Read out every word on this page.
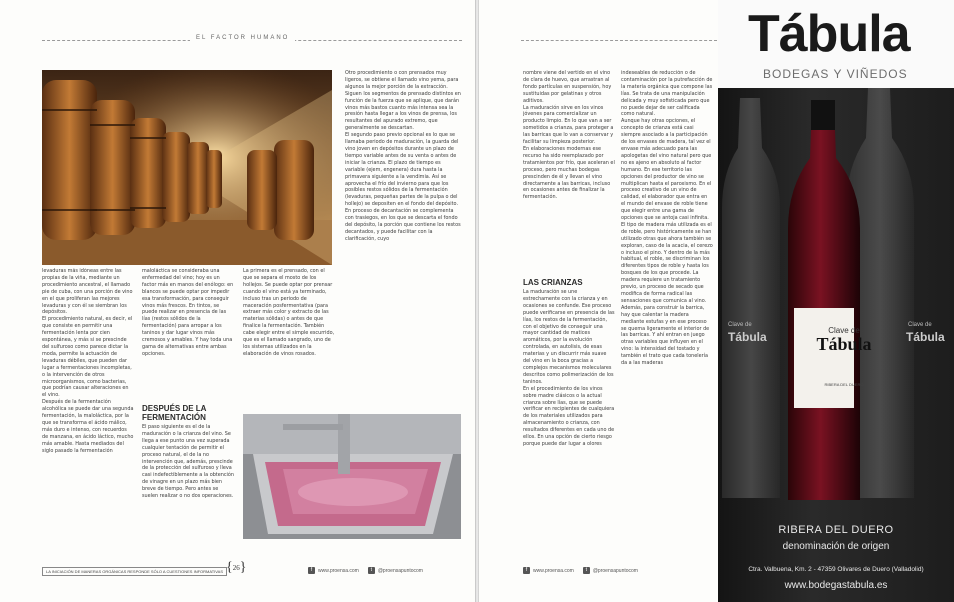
EL FACTOR HUMANO
levaduras más idóneas entre las propias de la viña, mediante un procedimiento ancestral, el llamado pie de cuba, con una porción de vino en el que proliferan las mejores levaduras y con él se siembran los depósitos.
El procedimiento natural, es decir, el que consiste en permitir una fermentación lenta por cien espontánea, y más si se prescinde del sulfuroso como parece dictar la moda, permite la actuación de levaduras débiles, que pueden dar lugar a fermentaciones incompletas, o la intervención de otros microorganismos, como bacterias, que podrían causar alteraciones en el vino.
Después de la fermentación alcohólica se puede dar una segunda fermentación, la maloláctica, por la que se transforma el ácido málico, más duro e intenso, con recuerdos de manzana, en ácido láctico, mucho más amable. Hasta mediados del siglo pasado la fermentación
maloláctica se consideraba una enfermedad del vino; hoy es un factor más en manos del enólogo: en blancos se puede optar por impedir esa transformación, para conseguir vinos más frescos. En tintos, se puede realizar en presencia de las lías (restos sólidos de la fermentación) para arropar a los taninos y dar lugar vinos más cremosos y amables. Y hay toda una gama de alternativas entre ambas opciones.
DESPUÉS DE LA FERMENTACIÓN
El paso siguiente es el de la maduración o la crianza del vino. Se llega a ese punto una vez superada cualquier tentación de permitir el proceso natural, el de la no intervención que, además, prescinde de la protección del sulfuroso y lleva casi indefectiblemente a la obtención de vinagre en un plazo más bien breve de tiempo. Pero antes se suelen realizar o no dos operaciones.
La primera es el prensado, con el que se separa el mosto de los hollejos. Se puede optar por prensar cuando el vino está ya terminado, incluso tras un periodo de maceración posfermentativa (para extraer más color y extracto de las materias sólidas) o antes de que finalice la fermentación. También cabe elegir entre el simple escurrido, que es el llamado sangrado, uno de los sistemas utilizados en la elaboración de vinos rosados.
Otro procedimiento o con prensados muy ligeros, se obtiene el llamado vino yema, para algunos la mejor porción de la extracción. Siguen los segmentos de prensado distintos en función de la fuerza que se aplique, que darán vinos más bastos cuanto más intensa sea la presión hasta llegar a los vinos de prensa, los resultantes del apurado extremo, que generalmente se descartan.
El segundo paso previo opcional es lo que se llamaba periodo de maduración, la guarda del vino joven en depósitos durante un plazo de tiempo variable antes de su venta o antes de iniciar la crianza. El plazo de tiempo es variable (ejem, engenera) dura hasta la primavera siguiente a la vendimia. Así se aprovecha el frío del invierno para que los posibles restos sólidos de la fermentación (levaduras, pequeñas partes de la pulpa o del hollejo) se depositen en el fondo del depósito.
En proceso de decantación se complementa con trasiegos, en los que se descarta el fondo del depósito, la porción que contiene los restos decantados, y puede facilitar con la clarificación, cuyo
LA INICIACIÓN DE MANERAS ORGÁNICAS RESPONDE SÓLO A CUESTIONES INFORMATIVAS {26}	f	www.proensa.com	t	@proensapuntocom
nombre viene del vertido en el vino de clara de huevo, que arrastran al fondo partículas en suspensión, hoy sustituidas por gelatinas y otros aditivos.
La maduración sirve en los vinos jóvenes para comercializar un producto limpio. En lo que van a ser sometidos a crianza, para proteger a las barricas que lo van a conservar y facilitar su limpieza posterior.
En elaboraciones modernas ese recurso ha sido reemplazado por tratamientos por frío, que aceleran el proceso, pero muchas bodegas prescinden de él y llevan el vino directamente a las barricas, incluso en ocasiones antes de finalizar la fermentación.
LAS CRIANZAS
La maduración se une estrechamente con la crianza y en ocasiones se confunde. Ese proceso puede verificarse en presencia de las lías, los restos de la fermentación, con el objetivo de conseguir una mayor cantidad de matices aromáticos, por la evolución controlada, en autolisis, de esas materias y un discurrir más suave del vino en la boca gracias a complejos mecanismos moleculares descritos como polimerización de los taninos.
En el procedimiento de los vinos sobre madre clásicos o la actual crianza sobre lías, que se puede verificar en recipientes de cualquiera de los materiales utilizados para almacenamiento o crianza, con resultados diferentes en cada uno de ellos. En una opción de cierto riesgo porque puede dar lugar a olores
indeseables de reducción o de contaminación por la putrefacción de la materia orgánica que compone las lías. Se trata de una manipulación delicada y muy sofisticada pero que no puede dejar de ser calificada como natural.
Aunque hay otras opciones, el concepto de crianza está casi siempre asociado a la participación de los envases de madera, tal vez el envase más adecuado para las apologetas del vino natural pero que no es ajeno en absoluto al factor humano. En ese territorio las opciones del productor de vino se multiplican hasta el paroxismo. En el proceso creativo de un vino de calidad, el elaborador que entra en el mundo del envase de roble tiene que elegir entre una gama de opciones que se antoja casi infinita. El tipo de madera más utilizada es el de roble, pero históricamente se han utilizado otras que ahora también se exploran, caso de la acacia, el cerezo o incluso el pino. Y dentro de la más habitual, el roble, se discriminan los diferentes tipos de roble y hasta los bosques de los que procede. La madera requiere un tratamiento previo, un proceso de secado que modifica de forma radical las sensaciones que comunica al vino. Además, para construir la barrica, hay que calentar la madera mediante estufas y en ese proceso se quema ligeramente el interior de las barricas. Y ahí entran en juego otras variables que influyen en el vino: la intensidad del tostado y también el trato que cada tonelería da a las maderas
f	www.proensa.com	t	@proensapuntocom
Tábula
BODEGAS Y VIÑEDOS
Clave de
Tábula
RIBERA DEL DUERO
Clave de
Tábula
Clave de
Tábula
RIBERA DEL DUERO
denominación de origen
Ctra. Valbuena, Km. 2 - 47359 Olivares de Duero (Valladolid)
www.bodegastabula.es
